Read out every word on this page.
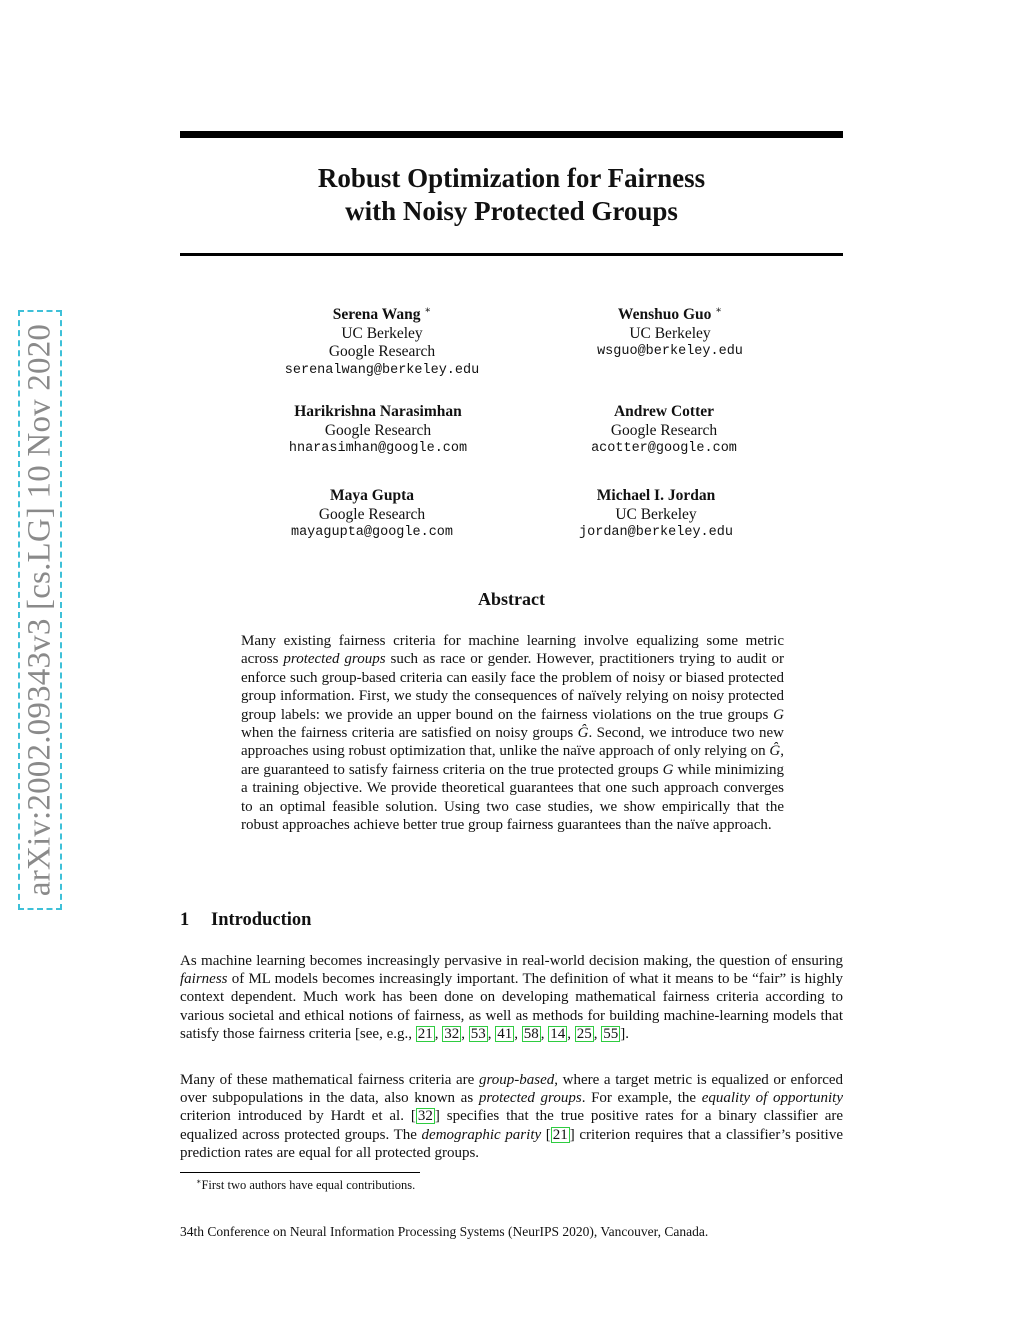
arXiv:2002.09343v3 [cs.LG] 10 Nov 2020
Robust Optimization for Fairness
with Noisy Protected Groups
Serena Wang ∗
UC Berkeley
Google Research
serenalwang@berkeley.edu
Wenshuo Guo ∗
UC Berkeley
wsguo@berkeley.edu
Harikrishna Narasimhan
Google Research
hnarasimhan@google.com
Andrew Cotter
Google Research
acotter@google.com
Maya Gupta
Google Research
mayagupta@google.com
Michael I. Jordan
UC Berkeley
jordan@berkeley.edu
Abstract
Many existing fairness criteria for machine learning involve equalizing some metric across protected groups such as race or gender. However, practitioners trying to audit or enforce such group-based criteria can easily face the problem of noisy or biased protected group information. First, we study the consequences of naïvely relying on noisy protected group labels: we provide an upper bound on the fairness violations on the true groups G when the fairness criteria are satisfied on noisy groups Ĝ. Second, we introduce two new approaches using robust optimization that, unlike the naïve approach of only relying on Ĝ, are guaranteed to satisfy fairness criteria on the true protected groups G while minimizing a training objective. We provide theoretical guarantees that one such approach converges to an optimal feasible solution. Using two case studies, we show empirically that the robust approaches achieve better true group fairness guarantees than the naïve approach.
1 Introduction
As machine learning becomes increasingly pervasive in real-world decision making, the question of ensuring fairness of ML models becomes increasingly important. The definition of what it means to be “fair” is highly context dependent. Much work has been done on developing mathematical fairness criteria according to various societal and ethical notions of fairness, as well as methods for building machine-learning models that satisfy those fairness criteria [see, e.g., 21 , 32 , 53 , 41 , 58 , 14 , 25 , 55 ].
Many of these mathematical fairness criteria are group-based, where a target metric is equalized or enforced over subpopulations in the data, also known as protected groups. For example, the equality of opportunity criterion introduced by Hardt et al. [ 32 ] specifies that the true positive rates for a binary classifier are equalized across protected groups. The demographic parity [ 21 ] criterion requires that a classifier’s positive prediction rates are equal for all protected groups.
∗First two authors have equal contributions.
34th Conference on Neural Information Processing Systems (NeurIPS 2020), Vancouver, Canada.
